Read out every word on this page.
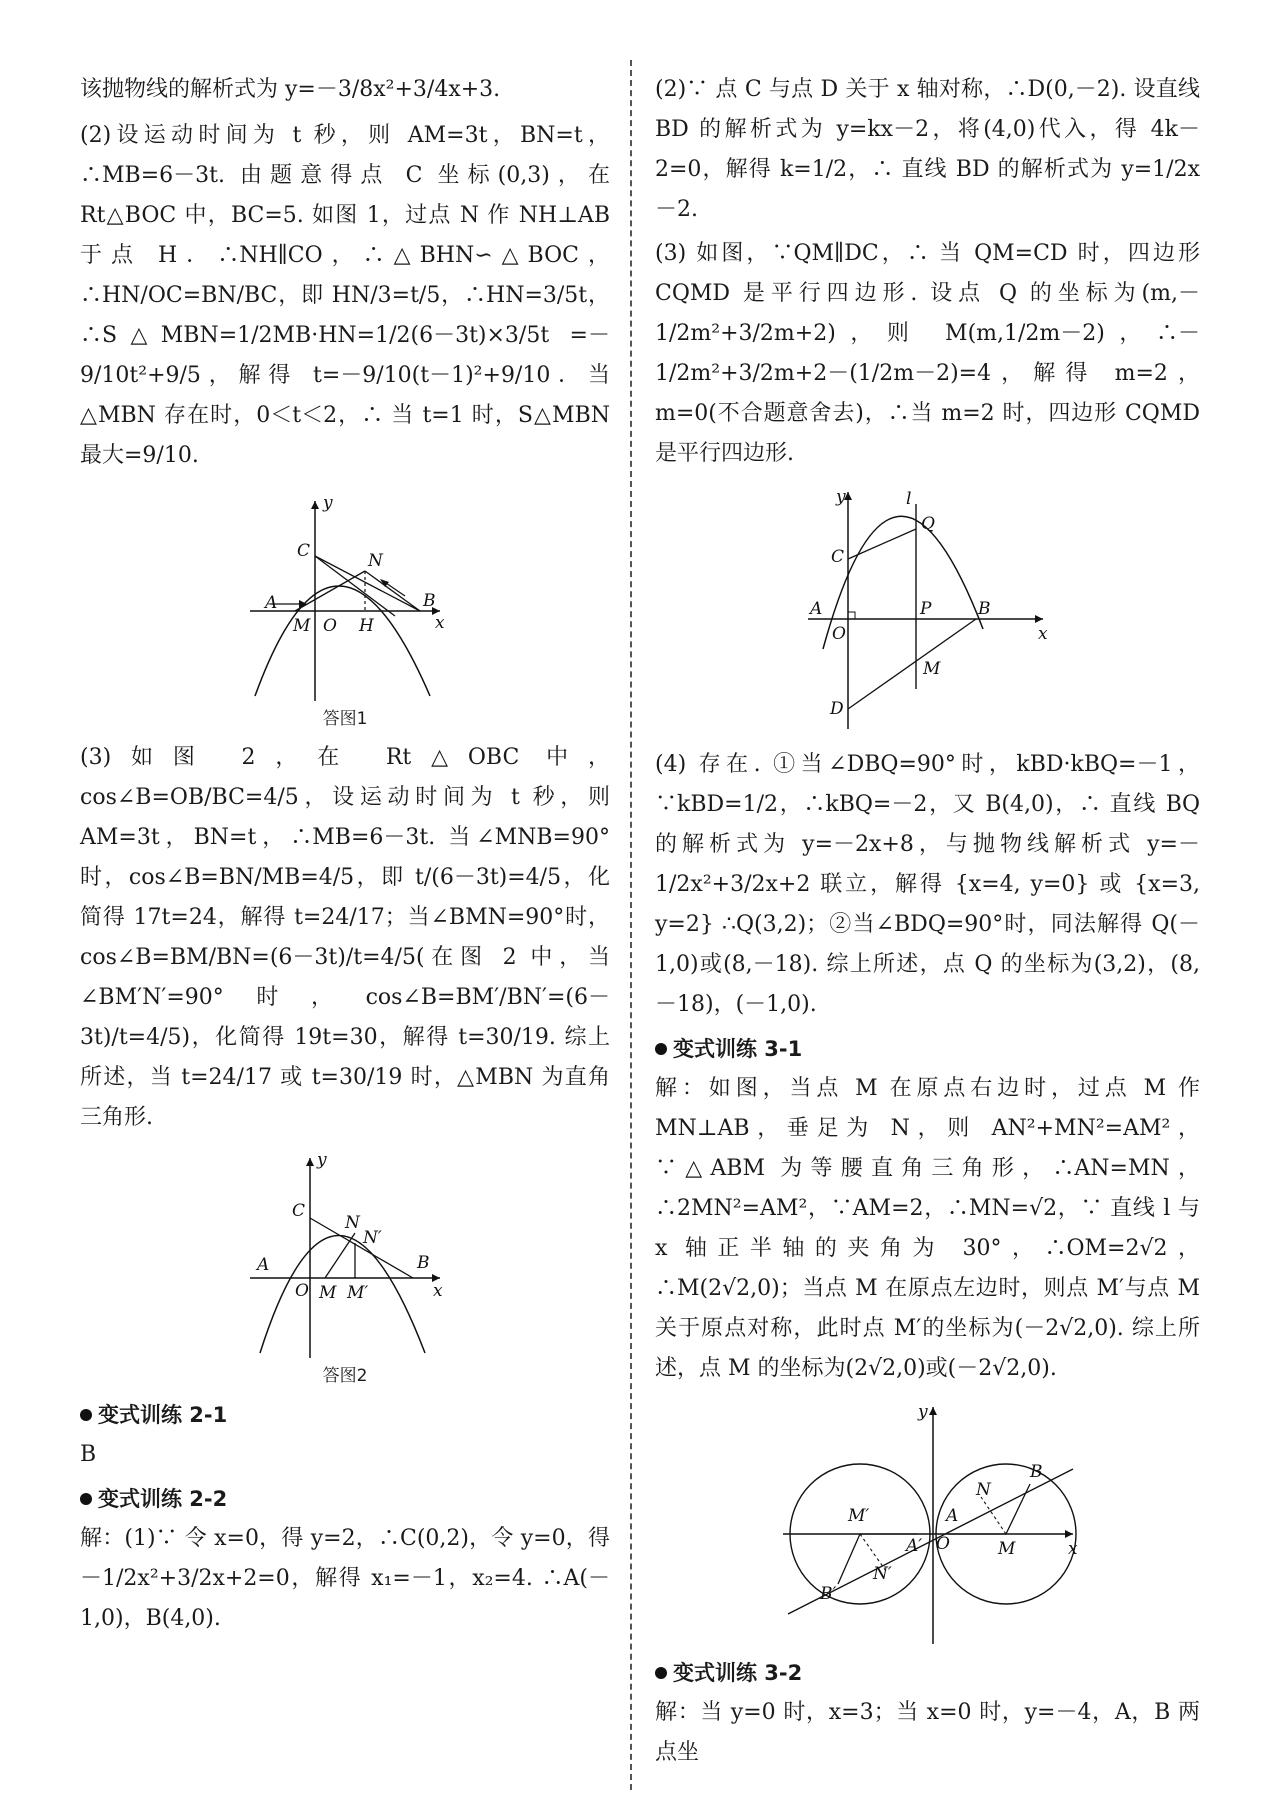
该抛物线的解析式为 y=－3/8x²+3/4x+3.

(2)设运动时间为 t 秒，则 AM=3t，BN=t，∴MB=6－3t. 由题意得点 C 坐标(0,3)，在 Rt△BOC 中，BC=5. 如图 1，过点 N 作 NH⊥AB 于点 H．∴NH∥CO，∴△BHN∽△BOC，∴HN/OC=BN/BC，即 HN/3=t/5，∴HN=3/5t，∴S△MBN=1/2MB·HN=1/2(6－3t)×3/5t =－9/10t²+9/5，解得 t=－9/10(t－1)²+9/10．当△MBN 存在时，0＜t＜2，∴ 当 t=1 时，S△MBN 最大=9/10.

y
x
C	N
A	B
M O H
答图1

(3)如图 2，在 Rt△OBC 中，cos∠B=OB/BC=4/5，设运动时间为 t 秒，则 AM=3t，BN=t，∴MB=6－3t. 当∠MNB=90°时，cos∠B=BN/MB=4/5，即 t/(6－3t)=4/5，化简得 17t=24，解得 t=24/17；当∠BMN=90°时，cos∠B=BM/BN=(6－3t)/t=4/5(在图 2 中，当∠BM′N′=90°时，cos∠B=BM′/BN′=(6－3t)/t=4/5)，化简得 19t=30，解得 t=30/19. 综上所述，当 t=24/17 或 t=30/19 时，△MBN 为直角三角形.

y
x
C
N
N′
A	B
O M M′
答图2

变式训练 2-1

B

变式训练 2-2

解：(1)∵ 令 x=0，得 y=2，∴C(0,2)，令 y=0，得－1/2x²+3/2x+2=0，解得 x₁=－1，x₂=4. ∴A(－1,0)，B(4,0).

(2)∵ 点 C 与点 D 关于 x 轴对称，∴D(0,－2). 设直线 BD 的解析式为 y=kx－2，将(4,0)代入，得 4k－2=0，解得 k=1/2，∴ 直线 BD 的解析式为 y=1/2x－2.

(3) 如图，∵QM∥DC，∴ 当 QM=CD 时，四边形 CQMD 是平行四边形. 设点 Q 的坐标为(m,－1/2m²+3/2m+2)，则 M(m,1/2m－2)，∴－1/2m²+3/2m+2－(1/2m－2)=4，解得 m=2，m=0(不合题意舍去)，∴当 m=2 时，四边形 CQMD 是平行四边形.

y	l
Q
C
A	P	B
x
O
M
D

(4) 存在. ①当∠DBQ=90°时，kBD·kBQ=－1，∵kBD=1/2，∴kBQ=－2，又 B(4,0)，∴ 直线 BQ 的解析式为 y=－2x+8，与抛物线解析式 y=－1/2x²+3/2x+2 联立，解得 {x=4, y=0} 或 {x=3, y=2} ∴Q(3,2)；②当∠BDQ=90°时，同法解得 Q(－1,0)或(8,－18). 综上所述，点 Q 的坐标为(3,2)，(8,－18)，(－1,0).

变式训练 3-1

解：如图，当点 M 在原点右边时，过点 M 作 MN⊥AB，垂足为 N，则 AN²+MN²=AM²，∵△ABM 为等腰直角三角形，∴AN=MN，∴2MN²=AM²，∵AM=2，∴MN=√2，∵ 直线 l 与 x 轴正半轴的夹角为 30°，∴OM=2√2，∴M(2√2,0)；当点 M 在原点左边时，则点 M′与点 M 关于原点对称，此时点 M′的坐标为(－2√2,0). 综上所述，点 M 的坐标为(2√2,0)或(－2√2,0).

y
B
N
M′	A
O	M	x
A′
N′
B′

变式训练 3-2

解：当 y=0 时，x=3；当 x=0 时，y=－4，A，B 两点坐
